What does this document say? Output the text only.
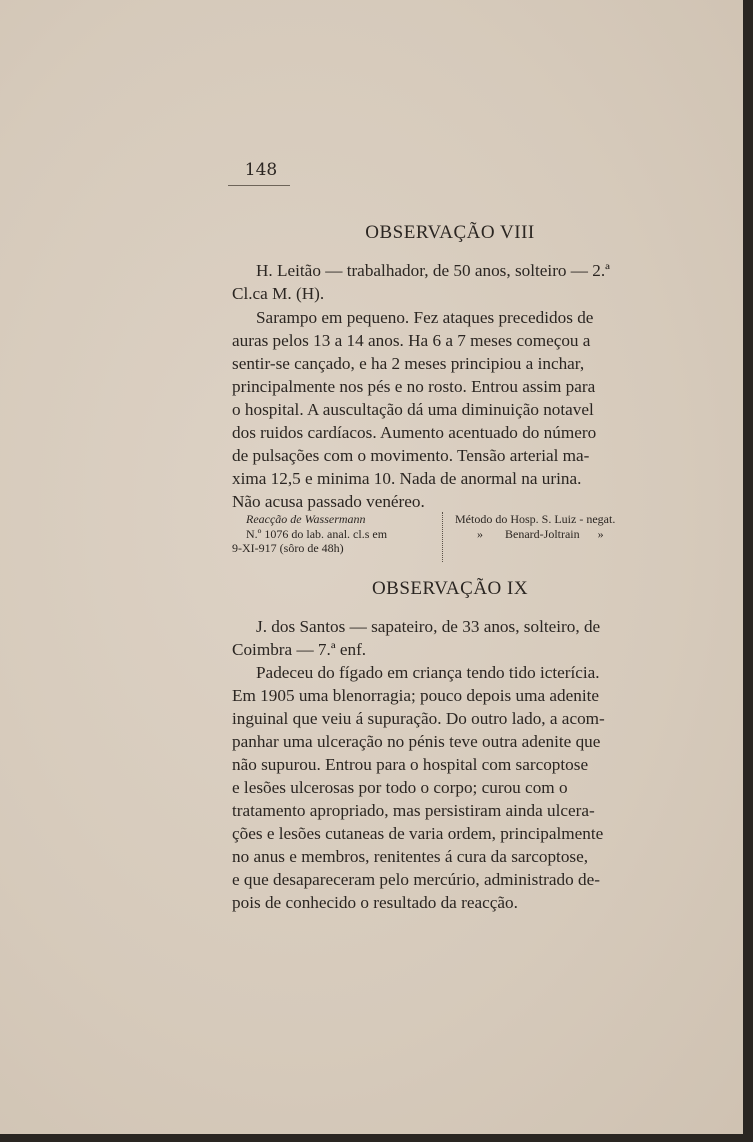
148
OBSERVAÇÃO VIII
H. Leitão — trabalhador, de 50 anos, solteiro — 2.ª
Cl.ca M. (H).
Sarampo em pequeno. Fez ataques precedidos de
auras pelos 13 a 14 anos. Ha 6 a 7 meses começou a
sentir-se cançado, e ha 2 meses principiou a inchar,
principalmente nos pés e no rosto. Entrou assim para
o hospital. A auscultação dá uma diminuição notavel
dos ruidos cardíacos. Aumento acentuado do número
de pulsações com o movimento. Tensão arterial ma-
xima 12,5 e minima 10. Nada de anormal na urina.
Não acusa passado venéreo.
Reacção de Wassermann
N.º 1076 do lab. anal. cl.s em
9-XI-917 (sôro de 48h)
Método do Hosp. S. Luiz - negat.
» Benard-Joltrain »
OBSERVAÇÃO IX
J. dos Santos — sapateiro, de 33 anos, solteiro, de
Coimbra — 7.ª enf.
Padeceu do fígado em criança tendo tido icterícia.
Em 1905 uma blenorragia; pouco depois uma adenite
inguinal que veiu á supuração. Do outro lado, a acom-
panhar uma ulceração no pénis teve outra adenite que
não supurou. Entrou para o hospital com sarcoptose
e lesões ulcerosas por todo o corpo; curou com o
tratamento apropriado, mas persistiram ainda ulcera-
ções e lesões cutaneas de varia ordem, principalmente
no anus e membros, renitentes á cura da sarcoptose,
e que desapareceram pelo mercúrio, administrado de-
pois de conhecido o resultado da reacção.
